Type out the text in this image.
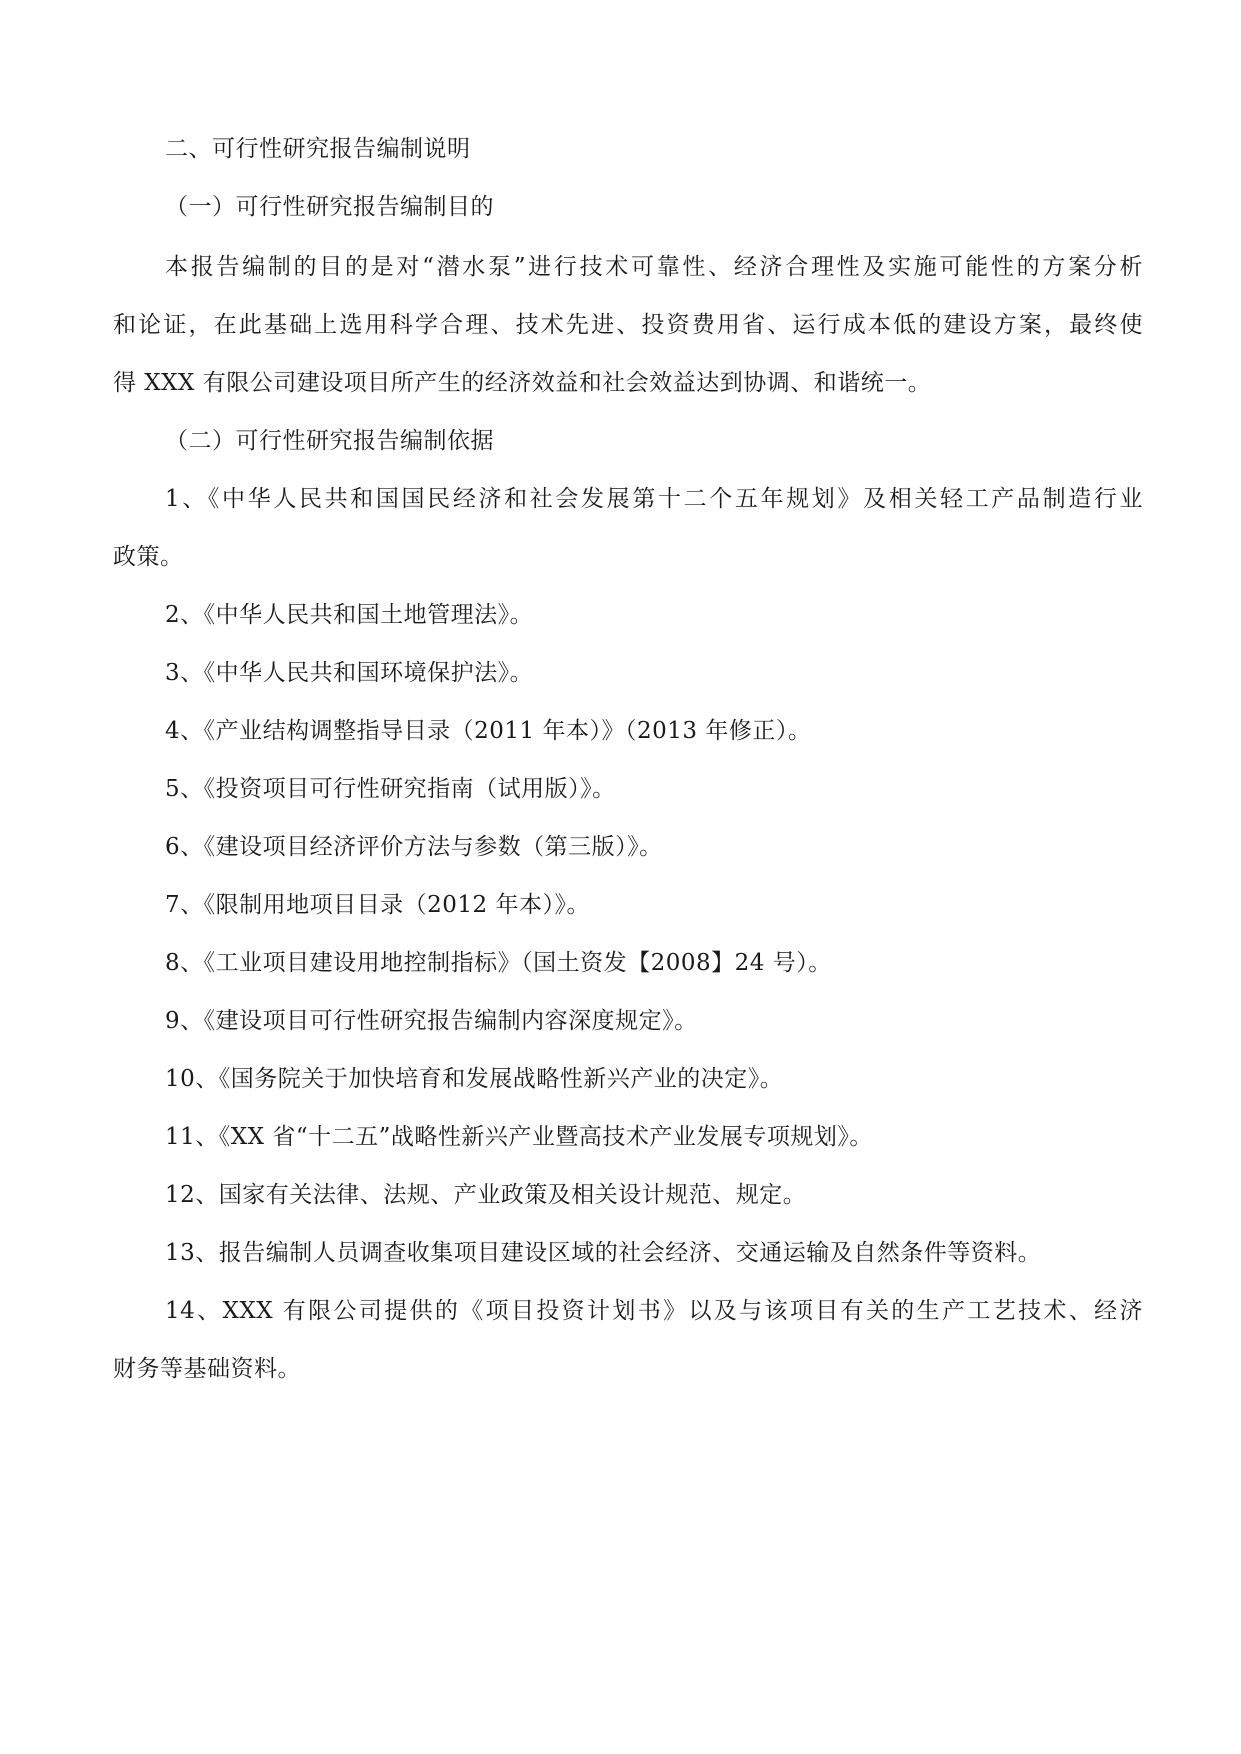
二、可行性研究报告编制说明
（一）可行性研究报告编制目的
本报告编制的目的是对“潜水泵”进行技术可靠性、经济合理性及实施可能性的方案分析
和论证，在此基础上选用科学合理、技术先进、投资费用省、运行成本低的建设方案，最终使
得 XXX 有限公司建设项目所产生的经济效益和社会效益达到协调、和谐统一。
（二）可行性研究报告编制依据
1、《中华人民共和国国民经济和社会发展第十二个五年规划》及相关轻工产品制造行业
政策。
2、《中华人民共和国土地管理法》。
3、《中华人民共和国环境保护法》。
4、《产业结构调整指导目录（2011 年本）》（2013 年修正）。
5、《投资项目可行性研究指南（试用版）》。
6、《建设项目经济评价方法与参数（第三版）》。
7、《限制用地项目目录（2012 年本）》。
8、《工业项目建设用地控制指标》（国土资发【2008】24 号）。
9、《建设项目可行性研究报告编制内容深度规定》。
10、《国务院关于加快培育和发展战略性新兴产业的决定》。
11、《XX 省“十二五”战略性新兴产业暨高技术产业发展专项规划》。
12、国家有关法律、法规、产业政策及相关设计规范、规定。
13、报告编制人员调查收集项目建设区域的社会经济、交通运输及自然条件等资料。
14、XXX 有限公司提供的《项目投资计划书》以及与该项目有关的生产工艺技术、经济
财务等基础资料。
